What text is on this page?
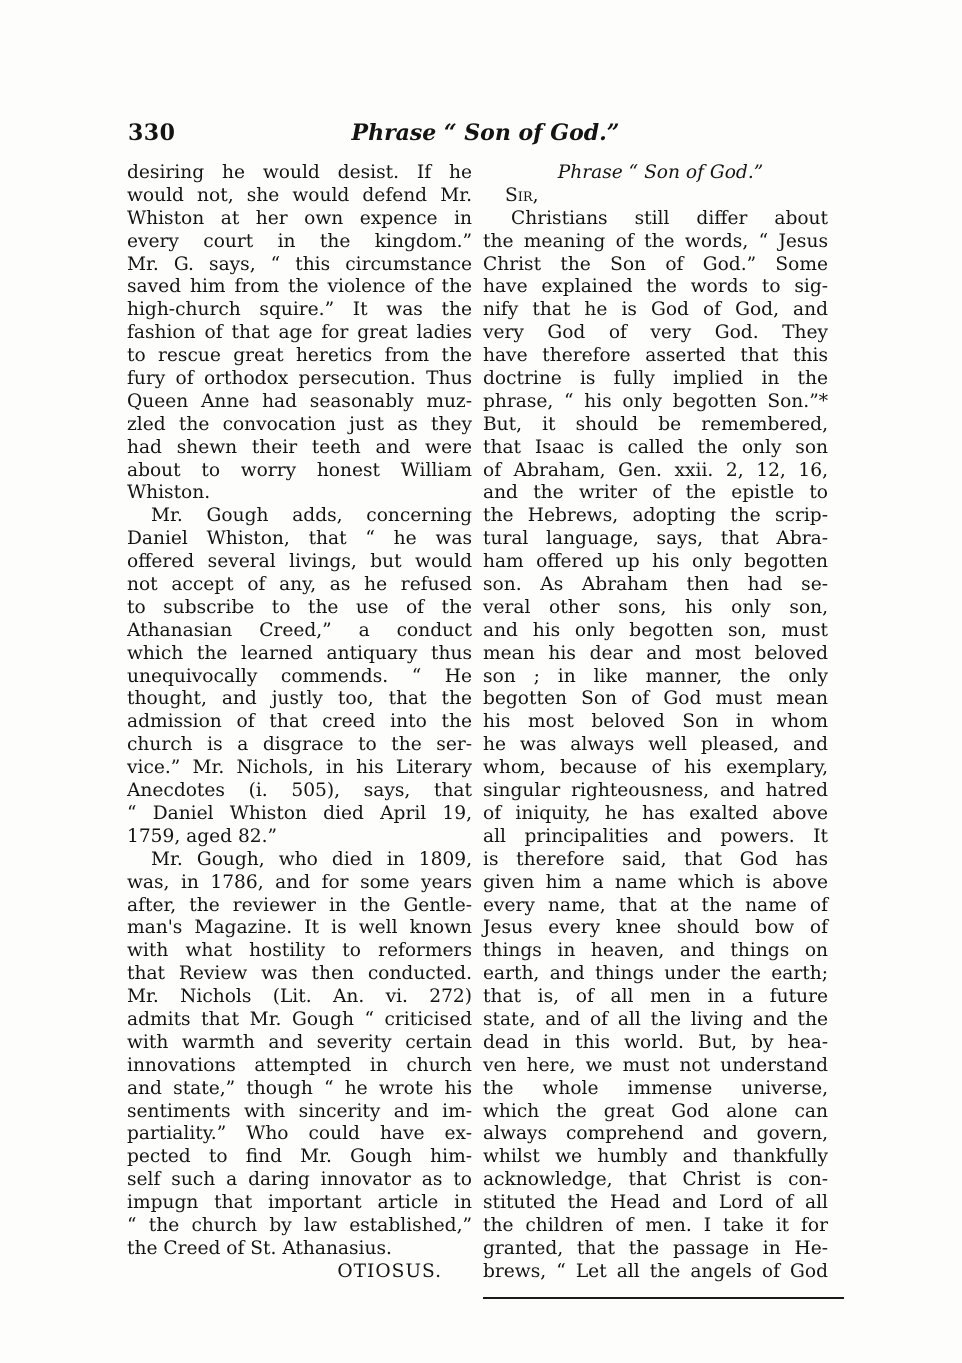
330	Phrase “ Son of God.”
desiring he would desist. If he
would not, she would defend Mr.
Whiston at her own expence in
every court in the kingdom.”
Mr. G. says, “ this circumstance
saved him from the violence of the
high-church squire.” It was the
fashion of that age for great ladies
to rescue great heretics from the
fury of orthodox persecution. Thus
Queen Anne had seasonably muz-
zled the convocation just as they
had shewn their teeth and were
about to worry honest William
Whiston.
Mr. Gough adds, concerning
Daniel Whiston, that “ he was
offered several livings, but would
not accept of any, as he refused
to subscribe to the use of the
Athanasian Creed,” a conduct
which the learned antiquary thus
unequivocally commends. “ He
thought, and justly too, that the
admission of that creed into the
church is a disgrace to the ser-
vice.” Mr. Nichols, in his Literary
Anecdotes (i. 505), says, that
“ Daniel Whiston died April 19,
1759, aged 82.”
Mr. Gough, who died in 1809,
was, in 1786, and for some years
after, the reviewer in the Gentle-
man's Magazine. It is well known
with what hostility to reformers
that Review was then conducted.
Mr. Nichols (Lit. An. vi. 272)
admits that Mr. Gough “ criticised
with warmth and severity certain
innovations attempted in church
and state,” though “ he wrote his
sentiments with sincerity and im-
partiality.” Who could have ex-
pected to find Mr. Gough him-
self such a daring innovator as to
impugn that important article in
“ the church by law established,”
the Creed of St. Athanasius.
OTIOSUS.
Phrase “ Son of God.”
Sir,
Christians still differ about
the meaning of the words, “ Jesus
Christ the Son of God.” Some
have explained the words to sig-
nify that he is God of God, and
very God of very God. They
have therefore asserted that this
doctrine is fully implied in the
phrase, “ his only begotten Son.”*
But, it should be remembered,
that Isaac is called the only son
of Abraham, Gen. xxii. 2, 12, 16,
and the writer of the epistle to
the Hebrews, adopting the scrip-
tural language, says, that Abra-
ham offered up his only begotten
son. As Abraham then had se-
veral other sons, his only son,
and his only begotten son, must
mean his dear and most beloved
son ; in like manner, the only
begotten Son of God must mean
his most beloved Son in whom
he was always well pleased, and
whom, because of his exemplary,
singular righteousness, and hatred
of iniquity, he has exalted above
all principalities and powers. It
is therefore said, that God has
given him a name which is above
every name, that at the name of
Jesus every knee should bow of
things in heaven, and things on
earth, and things under the earth;
that is, of all men in a future
state, and of all the living and the
dead in this world. But, by hea-
ven here, we must not understand
the whole immense universe,
which the great God alone can
always comprehend and govern,
whilst we humbly and thankfully
acknowledge, that Christ is con-
stituted the Head and Lord of all
the children of men. I take it for
granted, that the passage in He-
brews, “ Let all the angels of God
